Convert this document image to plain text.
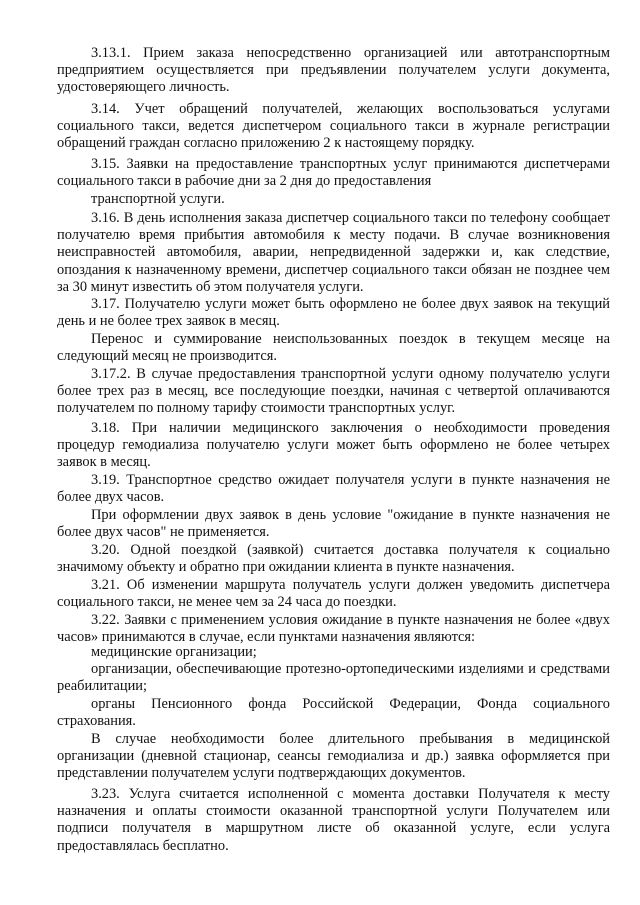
3.13.1. Прием заказа непосредственно организацией или автотранспортным предприятием осуществляется при предъявлении получателем услуги документа, удостоверяющего личность.

3.14. Учет обращений получателей, желающих воспользоваться услугами социального такси, ведется диспетчером социального такси в журнале регистрации обращений граждан согласно приложению 2 к настоящему порядку.

3.15. Заявки на предоставление транспортных услуг принимаются диспетчерами социального такси в рабочие дни за 2 дня до предоставления

транспортной услуги.

3.16. В день исполнения заказа диспетчер социального такси по телефону сообщает получателю время прибытия автомобиля к месту подачи. В случае возникновения неисправностей автомобиля, аварии, непредвиденной задержки и, как следствие, опоздания к назначенному времени, диспетчер социального такси обязан не позднее чем за 30 минут известить об этом получателя услуги.

3.17. Получателю услуги может быть оформлено не более двух заявок на текущий день и не более трех заявок в месяц.

Перенос и суммирование неиспользованных поездок в текущем месяце на следующий месяц не производится.

3.17.2. В случае предоставления транспортной услуги одному получателю услуги более трех раз в месяц, все последующие поездки, начиная с четвертой оплачиваются получателем по полному тарифу стоимости транспортных услуг.

3.18. При наличии медицинского заключения о необходимости проведения процедур гемодиализа получателю услуги может быть оформлено не более четырех заявок в месяц.

3.19. Транспортное средство ожидает получателя услуги в пункте назначения не более двух часов.

При оформлении двух заявок в день условие "ожидание в пункте назначения не более двух часов" не применяется.

3.20. Одной поездкой (заявкой) считается доставка получателя к социально значимому объекту и обратно при ожидании клиента в пункте назначения.

3.21. Об изменении маршрута получатель услуги должен уведомить диспетчера социального такси, не менее чем за 24 часа до поездки.

3.22. Заявки с применением условия ожидание в пункте назначения не более «двух часов» принимаются в случае, если пунктами назначения являются:

медицинские организации;

организации, обеспечивающие протезно-ортопедическими изделиями и средствами реабилитации;

органы Пенсионного фонда Российской Федерации, Фонда социального страхования.

В случае необходимости более длительного пребывания в медицинской организации (дневной стационар, сеансы гемодиализа и др.) заявка оформляется при представлении получателем услуги подтверждающих документов.

3.23. Услуга считается исполненной с момента доставки Получателя к месту назначения и оплаты стоимости оказанной транспортной услуги Получателем или подписи получателя в маршрутном листе об оказанной услуге, если услуга предоставлялась бесплатно.
